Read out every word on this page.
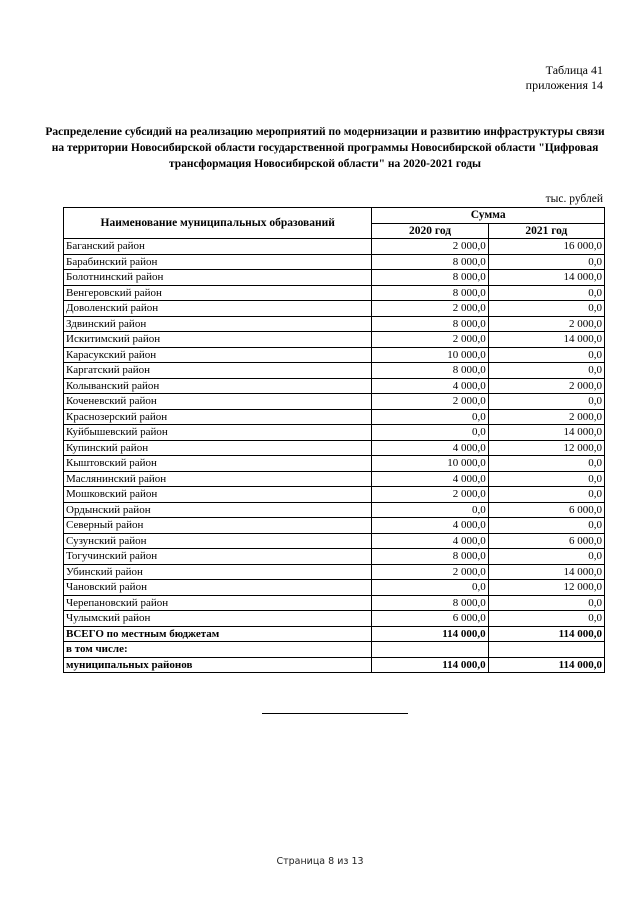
Таблица 41
приложения 14
Распределение субсидий на реализацию мероприятий по модернизации и развитию инфраструктуры связи на территории Новосибирской области государственной программы Новосибирской области "Цифровая трансформация Новосибирской области" на 2020-2021 годы
тыс. рублей
Наименование муниципальных образований	Сумма	
	2020 год	2021 год
Баганский район	2 000,0	16 000,0
Барабинский район	8 000,0	0,0
Болотнинский район	8 000,0	14 000,0
Венгеровский район	8 000,0	0,0
Доволенский район	2 000,0	0,0
Здвинский район	8 000,0	2 000,0
Искитимский район	2 000,0	14 000,0
Карасукский район	10 000,0	0,0
Каргатский район	8 000,0	0,0
Колыванский район	4 000,0	2 000,0
Коченевский район	2 000,0	0,0
Краснозерский район	0,0	2 000,0
Куйбышевский район	0,0	14 000,0
Купинский район	4 000,0	12 000,0
Кыштовский район	10 000,0	0,0
Маслянинский район	4 000,0	0,0
Мошковский район	2 000,0	0,0
Ордынский район	0,0	6 000,0
Северный район	4 000,0	0,0
Сузунский район	4 000,0	6 000,0
Тогучинский район	8 000,0	0,0
Убинский район	2 000,0	14 000,0
Чановский район	0,0	12 000,0
Черепановский район	8 000,0	0,0
Чулымский район	6 000,0	0,0
ВСЕГО по местным бюджетам	114 000,0	114 000,0
в том числе:		
муниципальных районов	114 000,0	114 000,0
Страница 8 из 13
